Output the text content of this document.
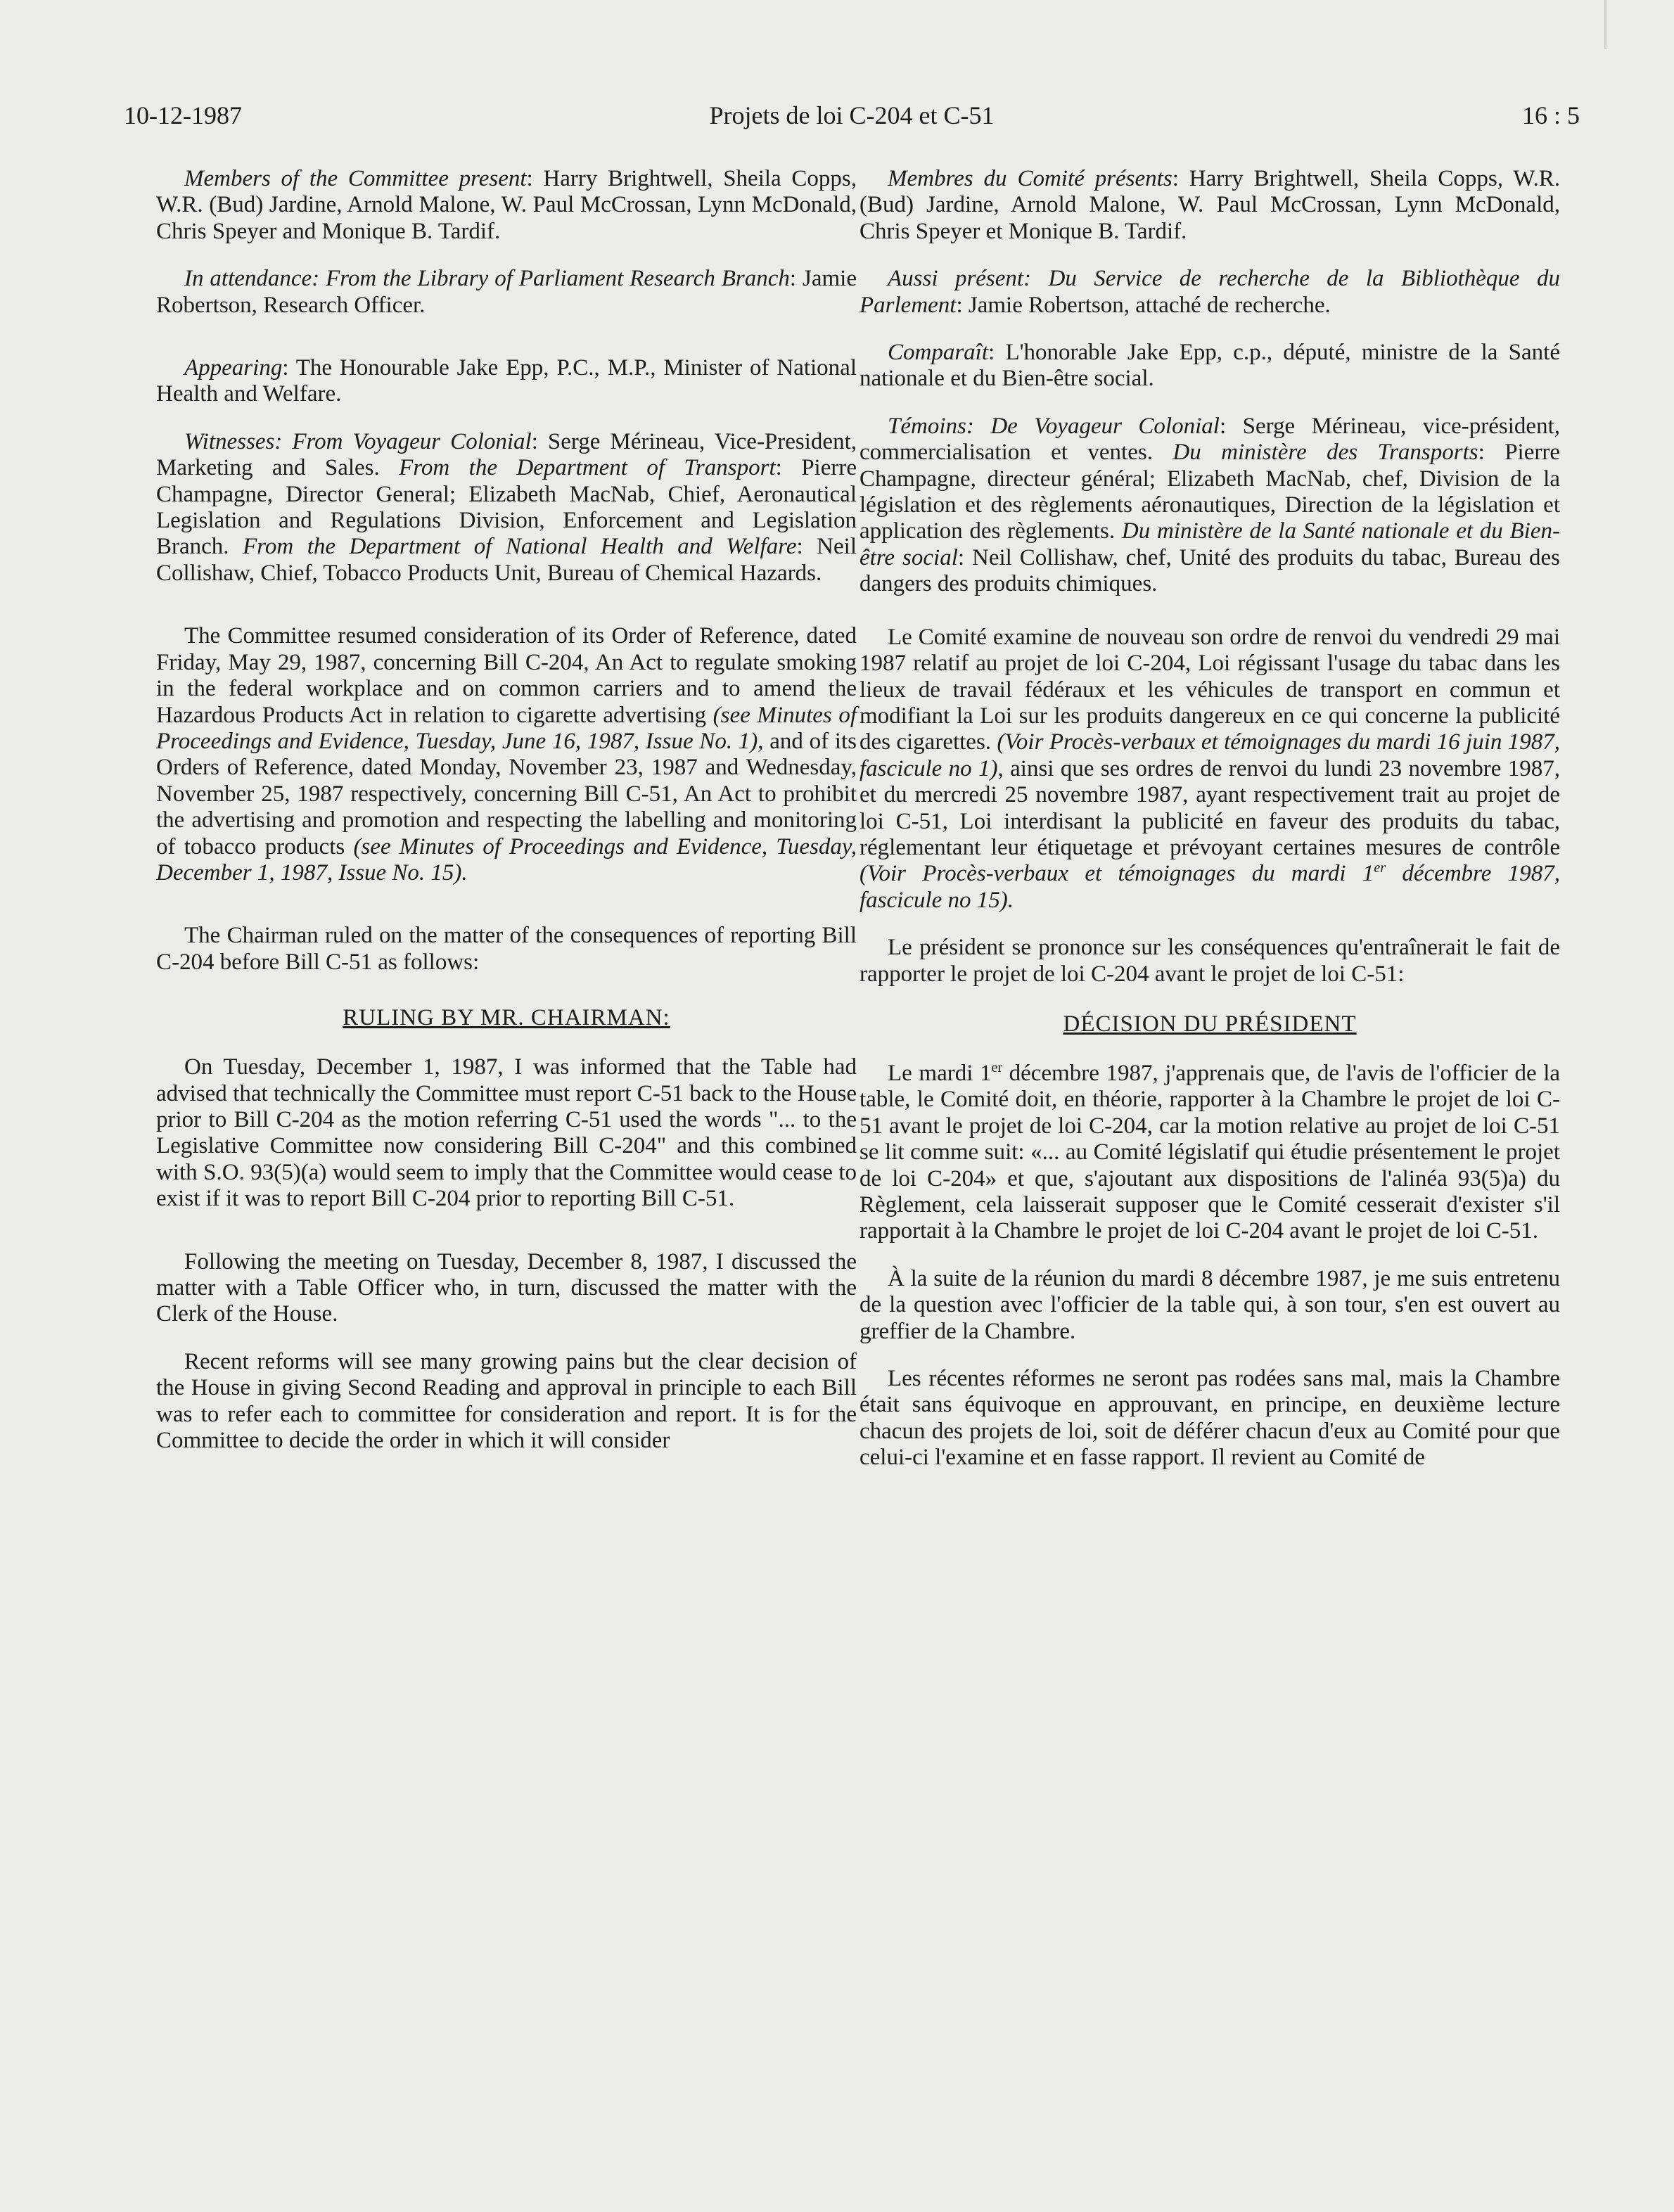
10-12-1987	Projets de loi C-204 et C-51	16 : 5

Members of the Committee present: Harry Brightwell, Sheila Copps, W.R. (Bud) Jardine, Arnold Malone, W. Paul McCrossan, Lynn McDonald, Chris Speyer and Monique B. Tardif.

In attendance: From the Library of Parliament Research Branch: Jamie Robertson, Research Officer.

Appearing: The Honourable Jake Epp, P.C., M.P., Minister of National Health and Welfare.

Witnesses: From Voyageur Colonial: Serge Mérineau, Vice-President, Marketing and Sales. From the Department of Transport: Pierre Champagne, Director General; Elizabeth MacNab, Chief, Aeronautical Legislation and Regulations Division, Enforcement and Legislation Branch. From the Department of National Health and Welfare: Neil Collishaw, Chief, Tobacco Products Unit, Bureau of Chemical Hazards.

The Committee resumed consideration of its Order of Reference, dated Friday, May 29, 1987, concerning Bill C-204, An Act to regulate smoking in the federal workplace and on common carriers and to amend the Hazardous Products Act in relation to cigarette advertising (see Minutes of Proceedings and Evidence, Tuesday, June 16, 1987, Issue No. 1), and of its Orders of Reference, dated Monday, November 23, 1987 and Wednesday, November 25, 1987 respectively, concerning Bill C-51, An Act to prohibit the advertising and promotion and respecting the labelling and monitoring of tobacco products (see Minutes of Proceedings and Evidence, Tuesday, December 1, 1987, Issue No. 15).

The Chairman ruled on the matter of the consequences of reporting Bill C-204 before Bill C-51 as follows:

RULING BY MR. CHAIRMAN:

On Tuesday, December 1, 1987, I was informed that the Table had advised that technically the Committee must report C-51 back to the House prior to Bill C-204 as the motion referring C-51 used the words "... to the Legislative Committee now considering Bill C-204" and this combined with S.O. 93(5)(a) would seem to imply that the Committee would cease to exist if it was to report Bill C-204 prior to reporting Bill C-51.

Following the meeting on Tuesday, December 8, 1987, I discussed the matter with a Table Officer who, in turn, discussed the matter with the Clerk of the House.

Recent reforms will see many growing pains but the clear decision of the House in giving Second Reading and approval in principle to each Bill was to refer each to committee for consideration and report. It is for the Committee to decide the order in which it will consider

Membres du Comité présents: Harry Brightwell, Sheila Copps, W.R. (Bud) Jardine, Arnold Malone, W. Paul McCrossan, Lynn McDonald, Chris Speyer et Monique B. Tardif.

Aussi présent: Du Service de recherche de la Bibliothèque du Parlement: Jamie Robertson, attaché de recherche.

Comparaît: L'honorable Jake Epp, c.p., député, ministre de la Santé nationale et du Bien-être social.

Témoins: De Voyageur Colonial: Serge Mérineau, vice-président, commercialisation et ventes. Du ministère des Transports: Pierre Champagne, directeur général; Elizabeth MacNab, chef, Division de la législation et des règlements aéronautiques, Direction de la législation et application des règlements. Du ministère de la Santé nationale et du Bien-être social: Neil Collishaw, chef, Unité des produits du tabac, Bureau des dangers des produits chimiques.

Le Comité examine de nouveau son ordre de renvoi du vendredi 29 mai 1987 relatif au projet de loi C-204, Loi régissant l'usage du tabac dans les lieux de travail fédéraux et les véhicules de transport en commun et modifiant la Loi sur les produits dangereux en ce qui concerne la publicité des cigarettes. (Voir Procès-verbaux et témoignages du mardi 16 juin 1987, fascicule no 1), ainsi que ses ordres de renvoi du lundi 23 novembre 1987, et du mercredi 25 novembre 1987, ayant respectivement trait au projet de loi C-51, Loi interdisant la publicité en faveur des produits du tabac, réglementant leur étiquetage et prévoyant certaines mesures de contrôle (Voir Procès-verbaux et témoignages du mardi 1er décembre 1987, fascicule no 15).

Le président se prononce sur les conséquences qu'entraînerait le fait de rapporter le projet de loi C-204 avant le projet de loi C-51:

DÉCISION DU PRÉSIDENT

Le mardi 1er décembre 1987, j'apprenais que, de l'avis de l'officier de la table, le Comité doit, en théorie, rapporter à la Chambre le projet de loi C-51 avant le projet de loi C-204, car la motion relative au projet de loi C-51 se lit comme suit: «... au Comité législatif qui étudie présentement le projet de loi C-204» et que, s'ajoutant aux dispositions de l'alinéa 93(5)a) du Règlement, cela laisserait supposer que le Comité cesserait d'exister s'il rapportait à la Chambre le projet de loi C-204 avant le projet de loi C-51.

À la suite de la réunion du mardi 8 décembre 1987, je me suis entretenu de la question avec l'officier de la table qui, à son tour, s'en est ouvert au greffier de la Chambre.

Les récentes réformes ne seront pas rodées sans mal, mais la Chambre était sans équivoque en approuvant, en principe, en deuxième lecture chacun des projets de loi, soit de déférer chacun d'eux au Comité pour que celui-ci l'examine et en fasse rapport. Il revient au Comité de
